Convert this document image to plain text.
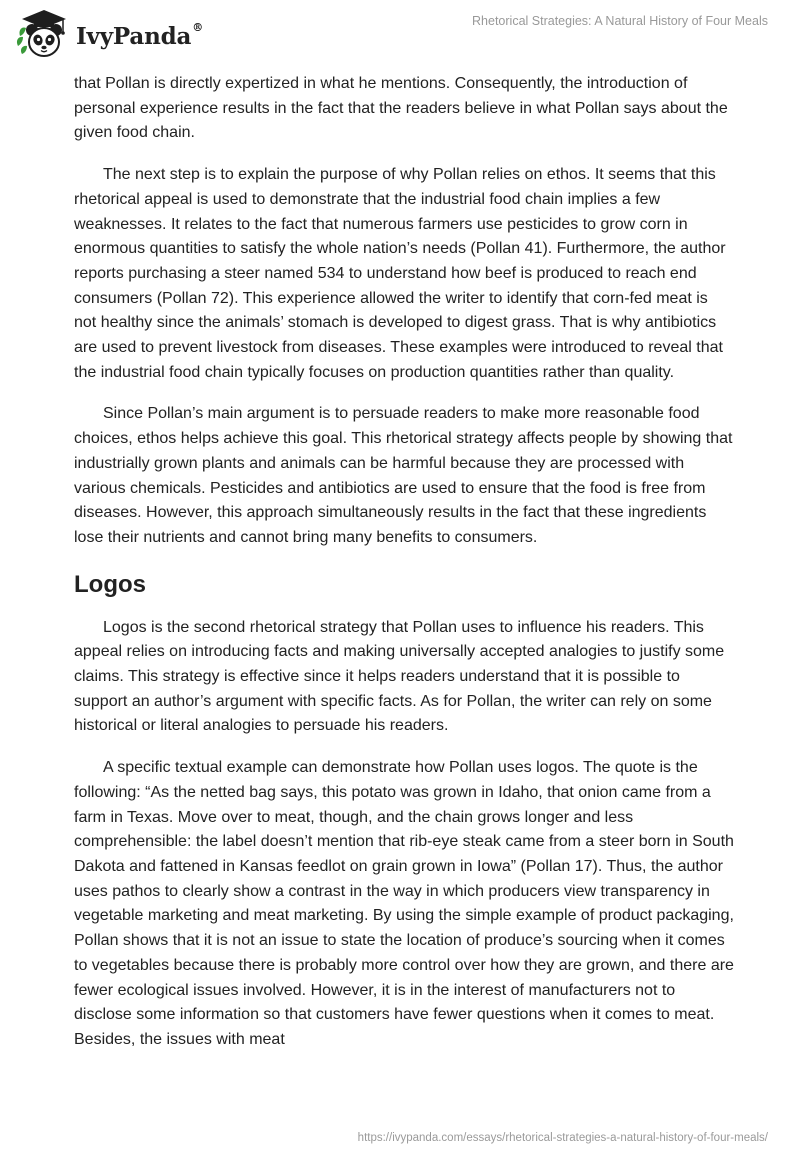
IvyPanda®	Rhetorical Strategies: A Natural History of Four Meals

that Pollan is directly expertized in what he mentions. Consequently, the introduction of personal experience results in the fact that the readers believe in what Pollan says about the given food chain.

The next step is to explain the purpose of why Pollan relies on ethos. It seems that this rhetorical appeal is used to demonstrate that the industrial food chain implies a few weaknesses. It relates to the fact that numerous farmers use pesticides to grow corn in enormous quantities to satisfy the whole nation’s needs (Pollan 41). Furthermore, the author reports purchasing a steer named 534 to understand how beef is produced to reach end consumers (Pollan 72). This experience allowed the writer to identify that corn-fed meat is not healthy since the animals’ stomach is developed to digest grass. That is why antibiotics are used to prevent livestock from diseases. These examples were introduced to reveal that the industrial food chain typically focuses on production quantities rather than quality.

Since Pollan’s main argument is to persuade readers to make more reasonable food choices, ethos helps achieve this goal. This rhetorical strategy affects people by showing that industrially grown plants and animals can be harmful because they are processed with various chemicals. Pesticides and antibiotics are used to ensure that the food is free from diseases. However, this approach simultaneously results in the fact that these ingredients lose their nutrients and cannot bring many benefits to consumers.

Logos

Logos is the second rhetorical strategy that Pollan uses to influence his readers. This appeal relies on introducing facts and making universally accepted analogies to justify some claims. This strategy is effective since it helps readers understand that it is possible to support an author’s argument with specific facts. As for Pollan, the writer can rely on some historical or literal analogies to persuade his readers.

A specific textual example can demonstrate how Pollan uses logos. The quote is the following: “As the netted bag says, this potato was grown in Idaho, that onion came from a farm in Texas. Move over to meat, though, and the chain grows longer and less comprehensible: the label doesn’t mention that rib-eye steak came from a steer born in South Dakota and fattened in Kansas feedlot on grain grown in Iowa” (Pollan 17). Thus, the author uses pathos to clearly show a contrast in the way in which producers view transparency in vegetable marketing and meat marketing. By using the simple example of product packaging, Pollan shows that it is not an issue to state the location of produce’s sourcing when it comes to vegetables because there is probably more control over how they are grown, and there are fewer ecological issues involved. However, it is in the interest of manufacturers not to disclose some information so that customers have fewer questions when it comes to meat. Besides, the issues with meat

https://ivypanda.com/essays/rhetorical-strategies-a-natural-history-of-four-meals/
